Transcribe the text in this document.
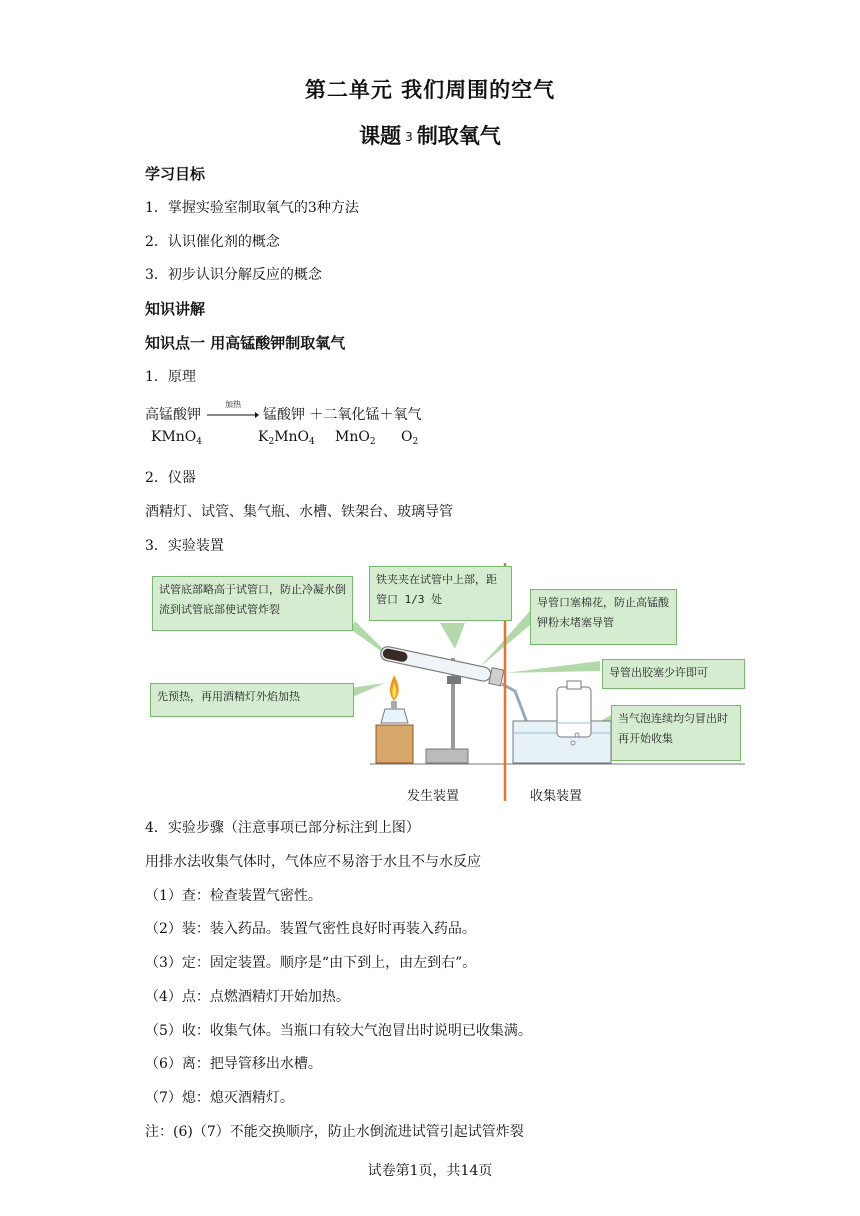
第二单元 我们周围的空气
课题 3 制取氧气
学习目标
1．掌握实验室制取氧气的3种方法
2．认识催化剂的概念
3．初步认识分解反应的概念
知识讲解
知识点一 用高锰酸钾制取氧气
1．原理
高锰酸钾
加热
→ 锰酸钾 ＋二氧化锰＋氧气
KMnO$_4$	$K_2MnO_4$ MnO$_2$ $O_2$
2．仪器
酒精灯、试管、集气瓶、水槽、铁架台、玻璃导管
3．实验装置
试管底部略高于试管口，防止冷凝水倒流到试管底部使试管炸裂
铁夹夹在试管中上部，距管口 1/3 处	导管口塞棉花，防止高锰酸钾粉末堵塞导管
导管出胶塞少许即可
当气泡连续均匀冒出时再开始收集
先预热，再用酒精灯外焰加热
发生装置	收集装置
4．实验步骤（注意事项已部分标注到上图）
用排水法收集气体时，气体应不易溶于水且不与水反应
（1）查：检查装置气密性。
（2）装：装入药品。装置气密性良好时再装入药品。
（3）定：固定装置。顺序是“由下到上，由左到右”。
（4）点：点燃酒精灯开始加热。
（5）收：收集气体。当瓶口有较大气泡冒出时说明已收集满。
（6）离：把导管移出水槽。
（7）熄：熄灭酒精灯。
注：(6)（7）不能交换顺序，防止水倒流进试管引起试管炸裂
试卷第1页，共14页
